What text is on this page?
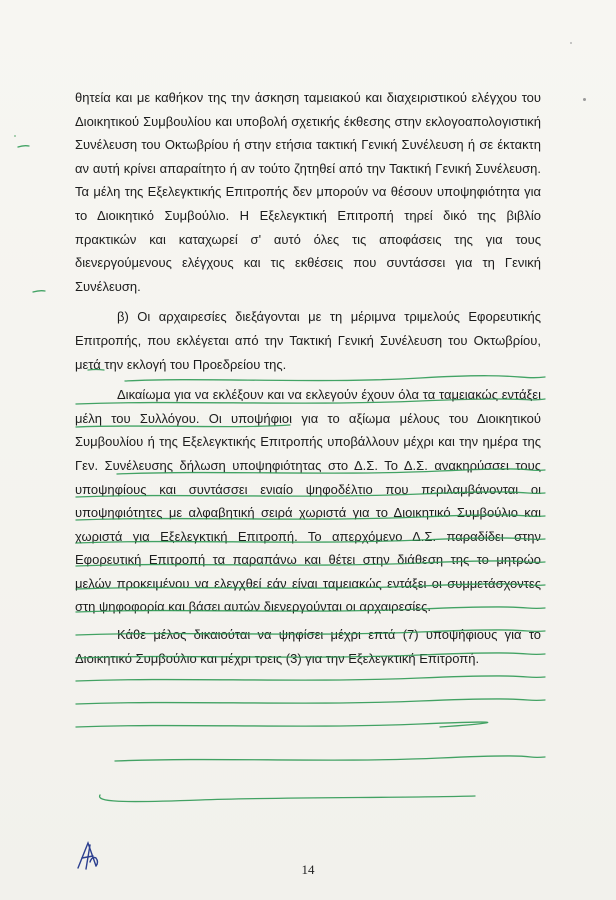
θητεία και με καθήκον της την άσκηση ταμειακού και διαχειριστικού ελέγχου του Διοικητικού Συμβουλίου και υποβολή σχετικής έκθεσης στην εκλογοαπολογιστική Συνέλευση του Οκτωβρίου ή στην ετήσια τακτική Γενική Συνέλευση ή σε έκτακτη αν αυτή κρίνει απαραίτητο ή αν τούτο ζητηθεί από την Τακτική Γενική Συνέλευση. Τα μέλη της Εξελεγκτικής Επιτροπής δεν μπορούν να θέσουν υποψηφιότητα για το Διοικητικό Συμβούλιο. Η Εξελεγκτική Επιτροπή τηρεί δικό της βιβλίο πρακτικών και καταχωρεί σ' αυτό όλες τις αποφάσεις της για τους διενεργούμενους ελέγχους και τις εκθέσεις που συντάσσει για τη Γενική Συνέλευση.

β) Οι αρχαιρεσίες διεξάγονται με τη μέριμνα τριμελούς Εφορευτικής Επιτροπής, που εκλέγεται από την Τακτική Γενική Συνέλευση του Οκτωβρίου, μετά την εκλογή του Προεδρείου της.

Δικαίωμα για να εκλέξουν και να εκλεγούν έχουν όλα τα ταμειακώς εντάξει μέλη του Συλλόγου. Οι υποψήφιοι για το αξίωμα μέλους του Διοικητικού Συμβουλίου ή της Εξελεγκτικής Επιτροπής υποβάλλουν μέχρι και την ημέρα της Γεν. Συνέλευσης δήλωση υποψηφιότητας στο Δ.Σ. Το Δ.Σ. ανακηρύσσει τους υποψηφίους και συντάσσει ενιαίο ψηφοδέλτιο που περιλαμβάνονται οι υποψηφιότητες με αλφαβητική σειρά χωριστά για το Διοικητικό Συμβούλιο και χωριστά για Εξελεγκτική Επιτροπή. Το απερχόμενο Δ.Σ. παραδίδει στην Εφορευτική Επιτροπή τα παραπάνω και θέτει στην διάθεση της το μητρώο μελών προκειμένου να ελεγχθεί εάν είναι ταμειακώς εντάξει οι συμμετάσχοντες στη ψηφοφορία και βάσει αυτών διενεργούνται οι αρχαιρεσίες.

Κάθε μέλος δικαιούται να ψηφίσει μέχρι επτά (7) υποψήφιους για το Διοικητικό Συμβούλιο και μέχρι τρεις (3) για την Εξελεγκτική Επιτροπή.

14
